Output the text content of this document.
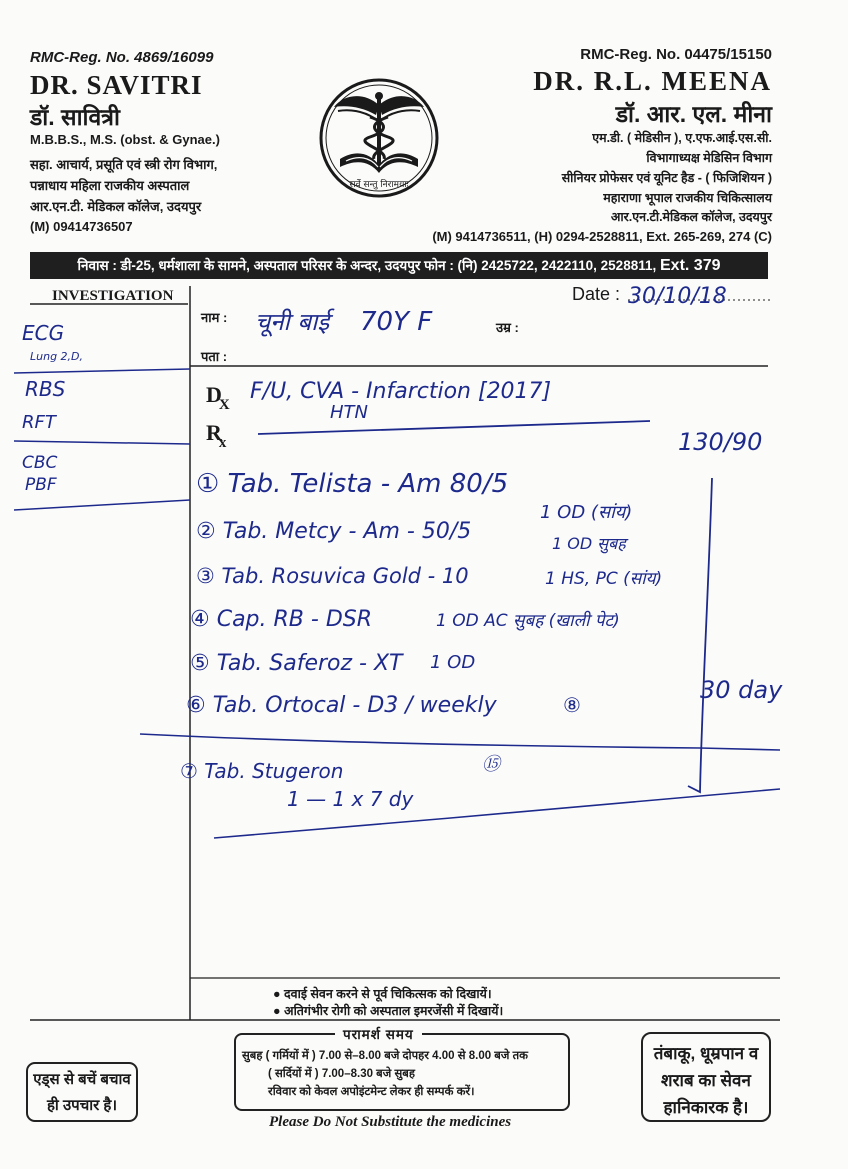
RMC-Reg. No. 4869/16099
DR. SAVITRI
डॉ. सावित्री
M.B.B.S., M.S. (obst. & Gynae.)
सहा. आचार्य, प्रसूति एवं स्त्री रोग विभाग,
पन्नाधाय महिला राजकीय अस्पताल
आर.एन.टी. मेडिकल कॉलेज, उदयपुर
(M) 09414736507
सर्वे सन्तु निरामयाः
RMC-Reg. No. 04475/15150
DR. R.L. MEENA
डॉ. आर. एल. मीना
एम.डी. ( मेडिसीन ), ए.एफ.आई.एस.सी.
विभागाध्यक्ष मेडिसिन विभाग
सीनियर प्रोफेसर एवं यूनिट हैड - ( फिजिशियन )
महाराणा भूपाल राजकीय चिकित्सालय
आर.एन.टी.मेडिकल कॉलेज, उदयपुर
(M) 9414736511, (H) 0294-2528811, Ext. 265-269, 274 (C)
निवास : डी-25, धर्मशाला के सामने, अस्पताल परिसर के अन्दर, उदयपुर फोन : (नि) 2425722, 2422110, 2528811, Ext. 379
INVESTIGATION
नाम :
उम्र :
पता :
Date :
$D_X$
$R_x$
● दवाई सेवन करने से पूर्व चिकित्सक को दिखायें।
● अतिगंभीर रोगी को अस्पताल इमरजेंसी में दिखायें।
परामर्श समय
सुबह ( गर्मियों में ) 7.00 से–8.00 बजे दोपहर 4.00 से 8.00 बजे तक
( सर्दियों में ) 7.00–8.30 बजे सुबह
रविवार को केवल अपोइंटमेन्ट लेकर ही सम्पर्क करें।
एड्स से बचें बचाव ही उपचार है।
तंबाकू, धूम्रपान व शराब का सेवन हानिकारक है।
Please Do Not Substitute the medicines
चूनी बाई 70Y F
30/10/18
ECG
Lung 2,D,
RBS
RFT
CBC
PBF
F/U, CVA - Infarction [2017]
HTN
130/90
① Tab. Telista - Am 80/5
1 OD (सांय)
② Tab. Metcy - Am - 50/5	1 OD सुबह
③ Tab. Rosuvica Gold - 10	1 HS, PC (सांय)
④ Cap. RB - DSR	1 OD AC सुबह (खाली पेट)
⑤ Tab. Saferoz - XT 1 OD
⑥ Tab. Ortocal - D3 / weekly	⑧
⑦ Tab. Stugeron	⑮
1 — 1 x 7 dy
30 day
